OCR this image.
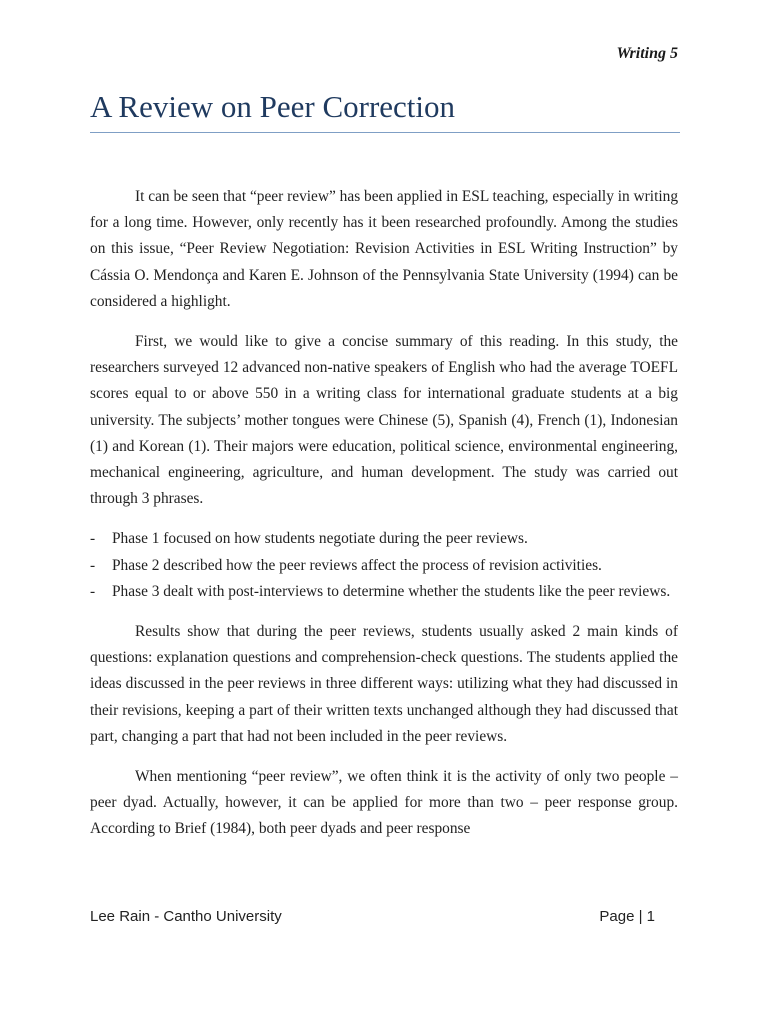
Writing 5
A Review on Peer Correction

It can be seen that “peer review” has been applied in ESL teaching, especially in writing for a long time. However, only recently has it been researched profoundly. Among the studies on this issue, “Peer Review Negotiation: Revision Activities in ESL Writing Instruction” by Cássia O. Mendonça and Karen E. Johnson of the Pennsylvania State University (1994) can be considered a highlight.

First, we would like to give a concise summary of this reading. In this study, the researchers surveyed 12 advanced non-native speakers of English who had the average TOEFL scores equal to or above 550 in a writing class for international graduate students at a big university. The subjects’ mother tongues were Chinese (5), Spanish (4), French (1), Indonesian (1) and Korean (1). Their majors were education, political science, environmental engineering, mechanical engineering, agriculture, and human development. The study was carried out through 3 phrases.

- Phase 1 focused on how students negotiate during the peer reviews.
- Phase 2 described how the peer reviews affect the process of revision activities.
- Phase 3 dealt with post-interviews to determine whether the students like the peer reviews.

Results show that during the peer reviews, students usually asked 2 main kinds of questions: explanation questions and comprehension-check questions. The students applied the ideas discussed in the peer reviews in three different ways: utilizing what they had discussed in their revisions, keeping a part of their written texts unchanged although they had discussed that part, changing a part that had not been included in the peer reviews.

When mentioning “peer review”, we often think it is the activity of only two people – peer dyad. Actually, however, it can be applied for more than two – peer response group. According to Brief (1984), both peer dyads and peer response

Lee Rain - Cantho University	Page | 1
